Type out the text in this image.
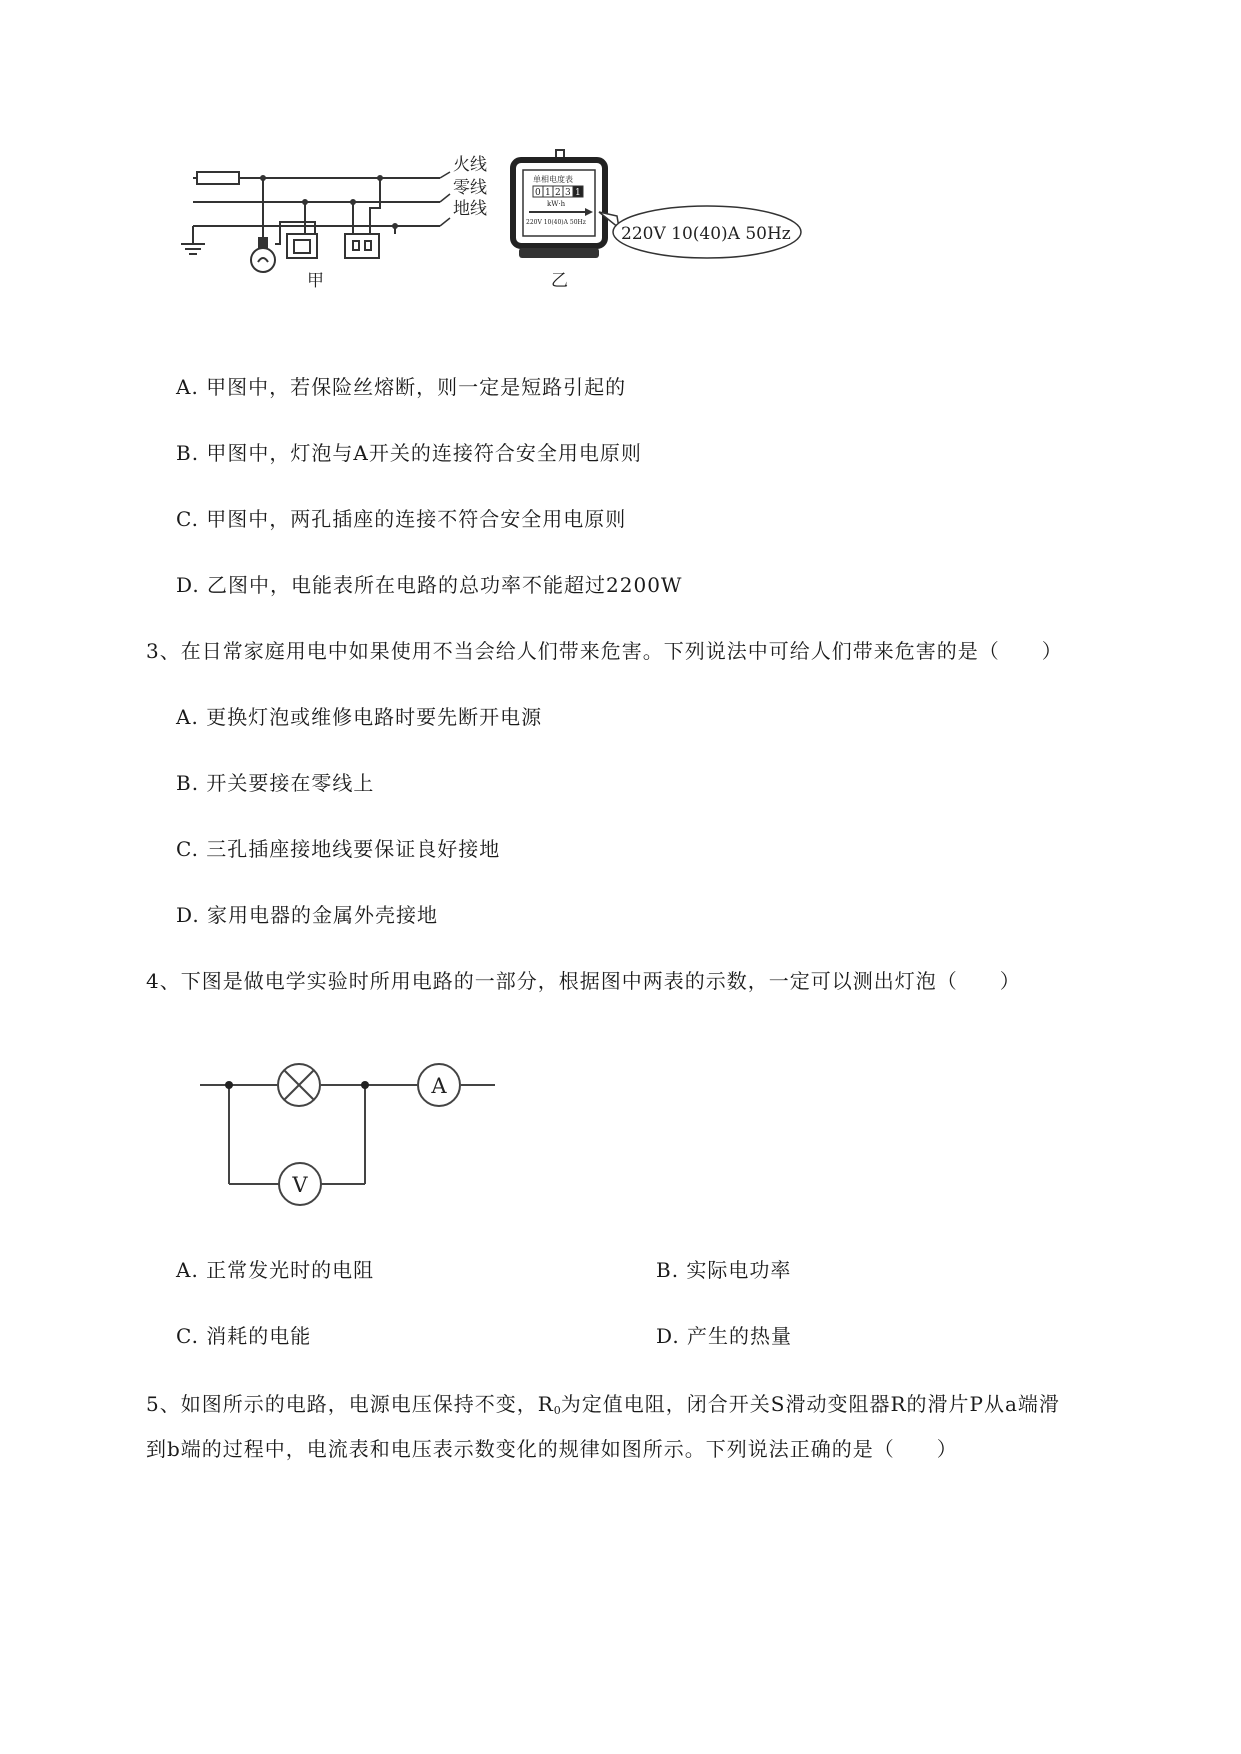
火线
零线
地线
甲
单相电度表
0 1 2 3 1
kW·h
220V 10(40)A 50Hz
220V 10(40)A 50Hz
乙
A. 甲图中，若保险丝熔断，则一定是短路引起的
B. 甲图中，灯泡与A开关的连接符合安全用电原则
C. 甲图中，两孔插座的连接不符合安全用电原则
D. 乙图中，电能表所在电路的总功率不能超过2200W
3、在日常家庭用电中如果使用不当会给人们带来危害。下列说法中可给人们带来危害的是（　　）
A. 更换灯泡或维修电路时要先断开电源
B. 开关要接在零线上
C. 三孔插座接地线要保证良好接地
D. 家用电器的金属外壳接地
4、下图是做电学实验时所用电路的一部分，根据图中两表的示数，一定可以测出灯泡（　　）
A
V
A. 正常发光时的电阻	B. 实际电功率
C. 消耗的电能	D. 产生的热量
5、如图所示的电路，电源电压保持不变，$R_0$为定值电阻，闭合开关S滑动变阻器R的滑片P从a端滑
到b端的过程中，电流表和电压表示数变化的规律如图所示。下列说法正确的是（　　）
